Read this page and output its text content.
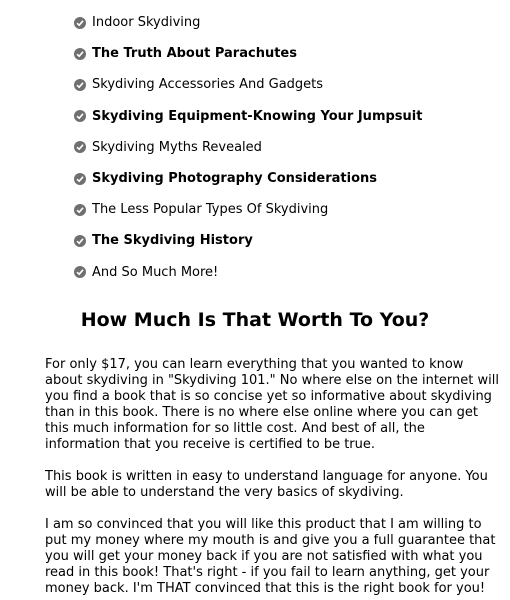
Indoor Skydiving
The Truth About Parachutes
Skydiving Accessories And Gadgets
Skydiving Equipment-Knowing Your Jumpsuit
Skydiving Myths Revealed
Skydiving Photography Considerations
The Less Popular Types Of Skydiving
The Skydiving History
And So Much More!
How Much Is That Worth To You?

For only $17, you can learn everything that you wanted to know about skydiving in "Skydiving 101." No where else on the internet will you find a book that is so concise yet so informative about skydiving than in this book. There is no where else online where you can get this much information for so little cost. And best of all, the information that you receive is certified to be true.

This book is written in easy to understand language for anyone. You will be able to understand the very basics of skydiving.

I am so convinced that you will like this product that I am willing to put my money where my mouth is and give you a full guarantee that you will get your money back if you are not satisfied with what you read in this book! That's right - if you fail to learn anything, get your money back. I'm THAT convinced that this is the right book for you!
